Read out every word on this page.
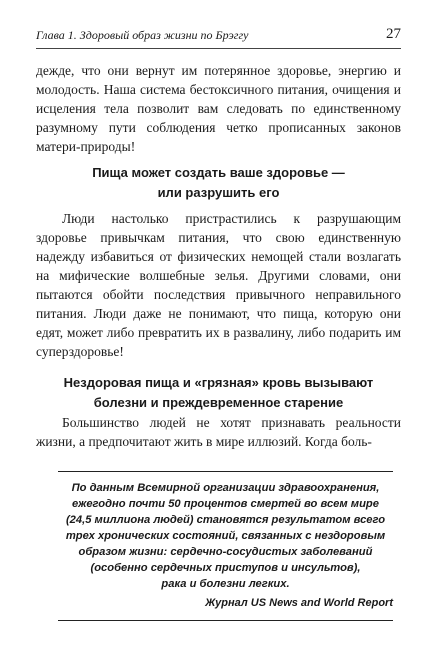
Глава 1. Здоровый образ жизни по Брэггу	27

дежде, что они вернут им потерянное здоровье, энергию и молодость. Наша система бестоксичного питания, очищения и исцеления тела позволит вам следовать по единственному разумному пути соблюдения четко прописанных законов матери-природы!

Пища может создать ваше здоровье —
или разрушить его

Люди настолько пристрастились к разрушающим здоровье привычкам питания, что свою единственную надежду избавиться от физических немощей стали возлагать на мифические волшебные зелья. Другими словами, они пытаются обойти последствия привычного неправильного питания. Люди даже не понимают, что пища, которую они едят, может либо превратить их в развалину, либо подарить им суперздоровье!

Нездоровая пища и «грязная» кровь вызывают
болезни и преждевременное старение

Большинство людей не хотят признавать реальности жизни, а предпочитают жить в мире иллюзий. Когда боль-

По данным Всемирной организации здравоохранения,
ежегодно почти 50 процентов смертей во всем мире
(24,5 миллиона людей) становятся результатом всего
трех хронических состояний, связанных с нездоровым
образом жизни: сердечно-сосудистых заболеваний
(особенно сердечных приступов и инсультов),
рака и болезни легких.
Журнал US News and World Report
